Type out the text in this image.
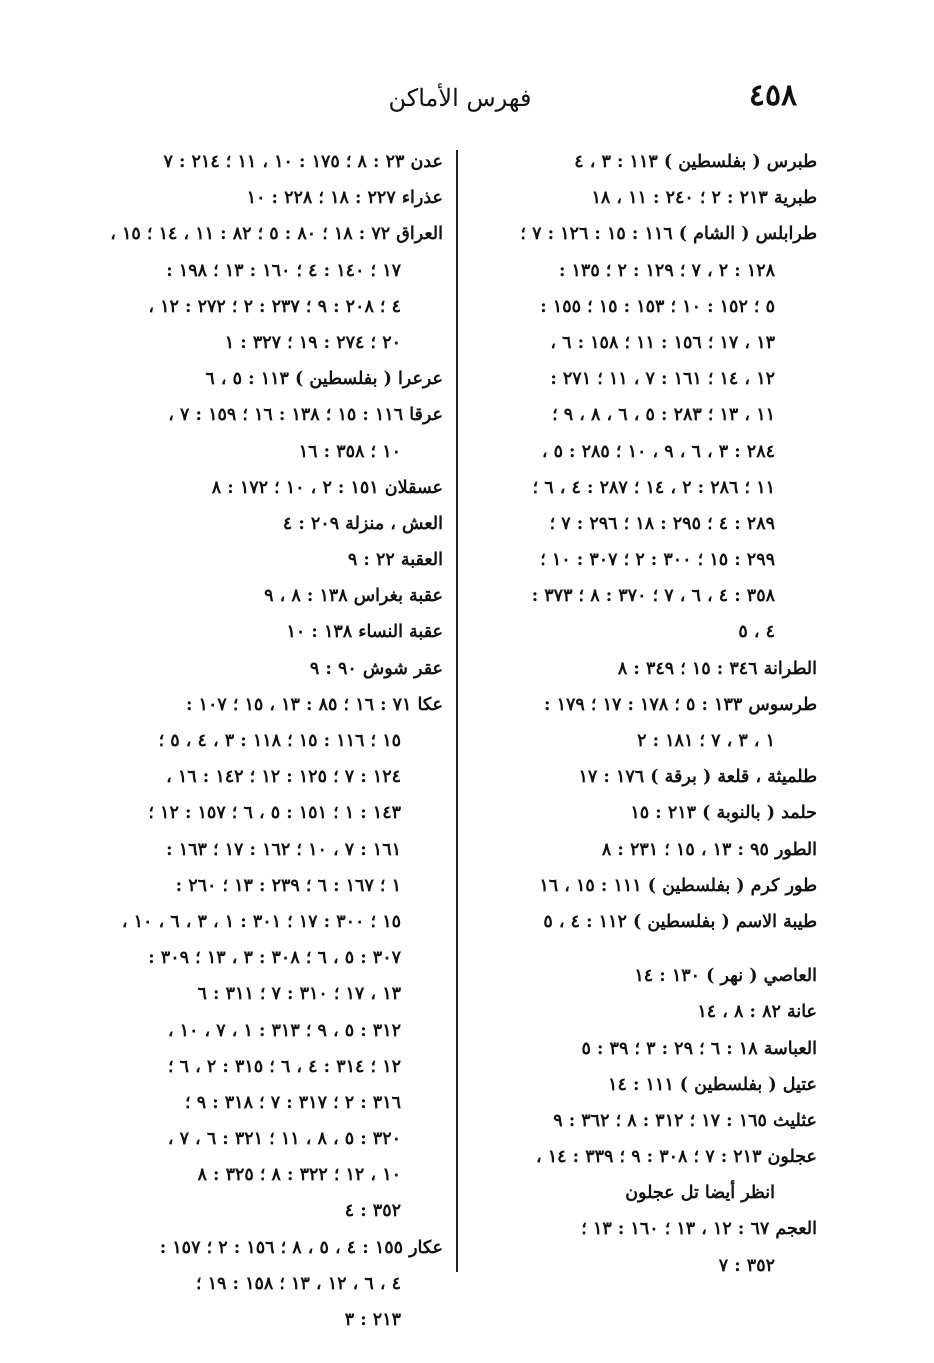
٤٥٨
فهرس الأماكن
طبرس ( بفلسطين ) ١١٣ : ٣ ، ٤
طبرية ٢١٣ : ٢ ؛ ٢٤٠ : ١١ ، ١٨
طرابلس ( الشام ) ١١٦ : ١٥ : ١٢٦ : ٧ ؛
١٢٨ : ٢ ، ٧ ؛ ١٢٩ : ٢ ؛ ١٣٥ :
٥ ؛ ١٥٢ : ١٠ ؛ ١٥٣ : ١٥ ؛ ١٥٥ :
١٣ ، ١٧ ؛ ١٥٦ : ١١ ؛ ١٥٨ : ٦ ،
١٢ ، ١٤ ؛ ١٦١ : ٧ ، ١١ ؛ ٢٧١ :
١١ ، ١٣ ؛ ٢٨٣ : ٥ ، ٦ ، ٨ ، ٩ ؛
٢٨٤ : ٣ ، ٦ ، ٩ ، ١٠ ؛ ٢٨٥ : ٥ ،
١١ ؛ ٢٨٦ : ٢ ، ١٤ ؛ ٢٨٧ : ٤ ، ٦ ؛
٢٨٩ : ٤ ؛ ٢٩٥ : ١٨ ؛ ٢٩٦ : ٧ ؛
٢٩٩ : ١٥ ؛ ٣٠٠ : ٢ ؛ ٣٠٧ : ١٠ ؛
٣٥٨ : ٤ ، ٦ ، ٧ ؛ ٣٧٠ : ٨ ؛ ٣٧٣ :
٤ ، ٥
الطرانة ٣٤٦ : ١٥ ؛ ٣٤٩ : ٨
طرسوس ١٣٣ : ٥ ؛ ١٧٨ : ١٧ ؛ ١٧٩ :
١ ، ٣ ، ٧ ؛ ١٨١ : ٢
طلميثة ، قلعة ( برقة ) ١٧٦ : ١٧
حلمد ( بالنوبة ) ٢١٣ : ١٥
الطور ٩٥ : ١٣ ، ١٥ ؛ ٢٣١ : ٨
طور كرم ( بفلسطين ) ١١١ : ١٥ ، ١٦
طيبة الاسم ( بفلسطين ) ١١٢ : ٤ ، ٥
العاصي ( نهر ) ١٣٠ : ١٤
عانة ٨٢ : ٨ ، ١٤
العباسة ١٨ : ٦ ؛ ٢٩ : ٣ ؛ ٣٩ : ٥
عتيل ( بفلسطين ) ١١١ : ١٤
عثليث ١٦٥ : ١٧ ؛ ٣١٢ : ٨ ؛ ٣٦٢ : ٩
عجلون ٢١٣ : ٧ ؛ ٣٠٨ : ٩ ؛ ٣٣٩ : ١٤ ،
انظر أيضا تل عجلون
العجم ٦٧ : ١٢ ، ١٣ ؛ ١٦٠ : ١٣ ؛
٣٥٢ : ٧
عدن ٢٣ : ٨ ؛ ١٧٥ : ١٠ ، ١١ ؛ ٢١٤ : ٧
عذراء ٢٢٧ : ١٨ ؛ ٢٢٨ : ١٠
العراق ٧٢ : ١٨ ؛ ٨٠ : ٥ ؛ ٨٢ : ١١ ، ١٤ ؛ ١٥ ،
١٧ ؛ ١٤٠ : ٤ ؛ ١٦٠ : ١٣ ؛ ١٩٨ :
٤ ؛ ٢٠٨ : ٩ ؛ ٢٣٧ : ٢ ؛ ٢٧٢ : ١٢ ،
٢٠ ؛ ٢٧٤ : ١٩ ؛ ٣٢٧ : ١
عرعرا ( بفلسطين ) ١١٣ : ٥ ، ٦
عرقا ١١٦ : ١٥ ؛ ١٣٨ : ١٦ ؛ ١٥٩ : ٧ ،
١٠ ؛ ٣٥٨ : ١٦
عسقلان ١٥١ : ٢ ، ١٠ ؛ ١٧٢ : ٨
العش ، منزلة ٢٠٩ : ٤
العقبة ٢٢ : ٩
عقبة بغراس ١٣٨ : ٨ ، ٩
عقبة النساء ١٣٨ : ١٠
عقر شوش ٩٠ : ٩
عكا ٧١ : ١٦ ؛ ٨٥ : ١٣ ، ١٥ ؛ ١٠٧ :
١٥ ؛ ١١٦ : ١٥ ؛ ١١٨ : ٣ ، ٤ ، ٥ ؛
١٢٤ : ٧ ؛ ١٢٥ : ١٢ ؛ ١٤٢ : ١٦ ،
١٤٣ : ١ ؛ ١٥١ : ٥ ، ٦ ؛ ١٥٧ : ١٢ ؛
١٦١ : ٧ ، ١٠ ؛ ١٦٢ : ١٧ ؛ ١٦٣ :
١ ؛ ١٦٧ : ٦ ؛ ٢٣٩ : ١٣ ؛ ٢٦٠ :
١٥ ؛ ٣٠٠ : ١٧ ؛ ٣٠١ : ١ ، ٣ ، ٦ ، ١٠ ،
٣٠٧ : ٥ ، ٦ ؛ ٣٠٨ : ٣ ، ١٣ ؛ ٣٠٩ :
١٣ ، ١٧ ؛ ٣١٠ : ٧ ؛ ٣١١ : ٦
٣١٢ : ٥ ، ٩ ؛ ٣١٣ : ١ ، ٧ ، ١٠ ،
١٢ ؛ ٣١٤ : ٤ ، ٦ ؛ ٣١٥ : ٢ ، ٦ ؛
٣١٦ : ٢ ؛ ٣١٧ : ٧ ؛ ٣١٨ : ٩ ؛
٣٢٠ : ٥ ، ٨ ، ١١ ؛ ٣٢١ : ٦ ، ٧ ،
١٠ ، ١٢ ؛ ٣٢٢ : ٨ ؛ ٣٢٥ : ٨
٣٥٢ : ٤
عكار ١٥٥ : ٤ ، ٥ ، ٨ ؛ ١٥٦ : ٢ ؛ ١٥٧ :
٤ ، ٦ ، ١٢ ، ١٣ ؛ ١٥٨ : ١٩ ؛
٢١٣ : ٣
